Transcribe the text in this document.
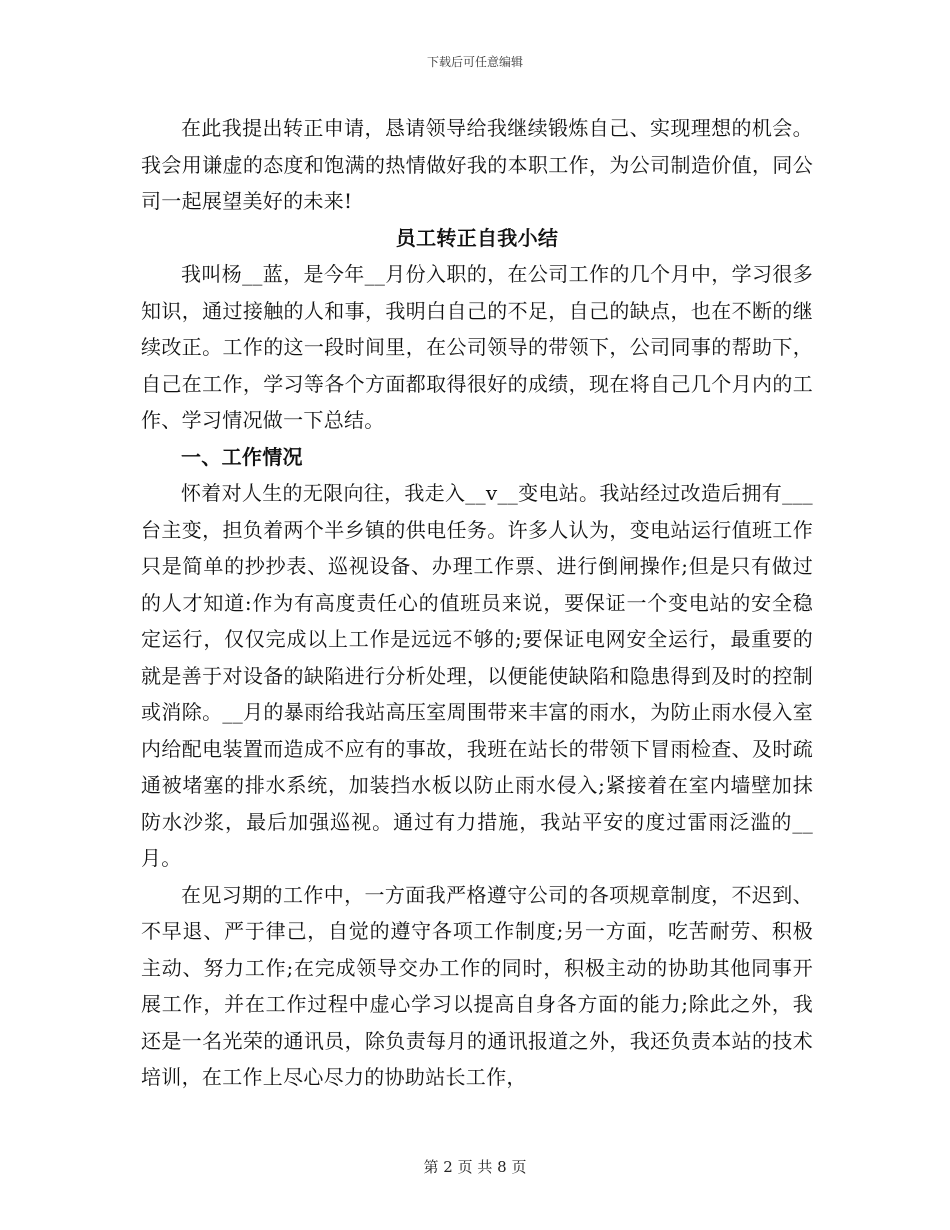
下载后可任意编辑

在此我提出转正申请，恳请领导给我继续锻炼自己、实现理想的机会。我会用谦虚的态度和饱满的热情做好我的本职工作，为公司制造价值，同公司一起展望美好的未来!

员工转正自我小结

我叫杨__蓝，是今年__月份入职的，在公司工作的几个月中，学习很多知识，通过接触的人和事，我明白自己的不足，自己的缺点，也在不断的继续改正。工作的这一段时间里，在公司领导的带领下，公司同事的帮助下，自己在工作，学习等各个方面都取得很好的成绩，现在将自己几个月内的工作、学习情况做一下总结。

一、工作情况

怀着对人生的无限向往，我走入__v__变电站。我站经过改造后拥有___台主变，担负着两个半乡镇的供电任务。许多人认为，变电站运行值班工作只是简单的抄抄表、巡视设备、办理工作票、进行倒闸操作;但是只有做过的人才知道:作为有高度责任心的值班员来说，要保证一个变电站的安全稳定运行，仅仅完成以上工作是远远不够的;要保证电网安全运行，最重要的就是善于对设备的缺陷进行分析处理，以便能使缺陷和隐患得到及时的控制或消除。__月的暴雨给我站高压室周围带来丰富的雨水，为防止雨水侵入室内给配电装置而造成不应有的事故，我班在站长的带领下冒雨检查、及时疏通被堵塞的排水系统，加装挡水板以防止雨水侵入;紧接着在室内墙壁加抹防水沙浆，最后加强巡视。通过有力措施，我站平安的度过雷雨泛滥的__月。

在见习期的工作中，一方面我严格遵守公司的各项规章制度，不迟到、不早退、严于律己，自觉的遵守各项工作制度;另一方面，吃苦耐劳、积极主动、努力工作;在完成领导交办工作的同时，积极主动的协助其他同事开展工作，并在工作过程中虚心学习以提高自身各方面的能力;除此之外，我还是一名光荣的通讯员，除负责每月的通讯报道之外，我还负责本站的技术培训，在工作上尽心尽力的协助站长工作，

第 2 页 共 8 页
